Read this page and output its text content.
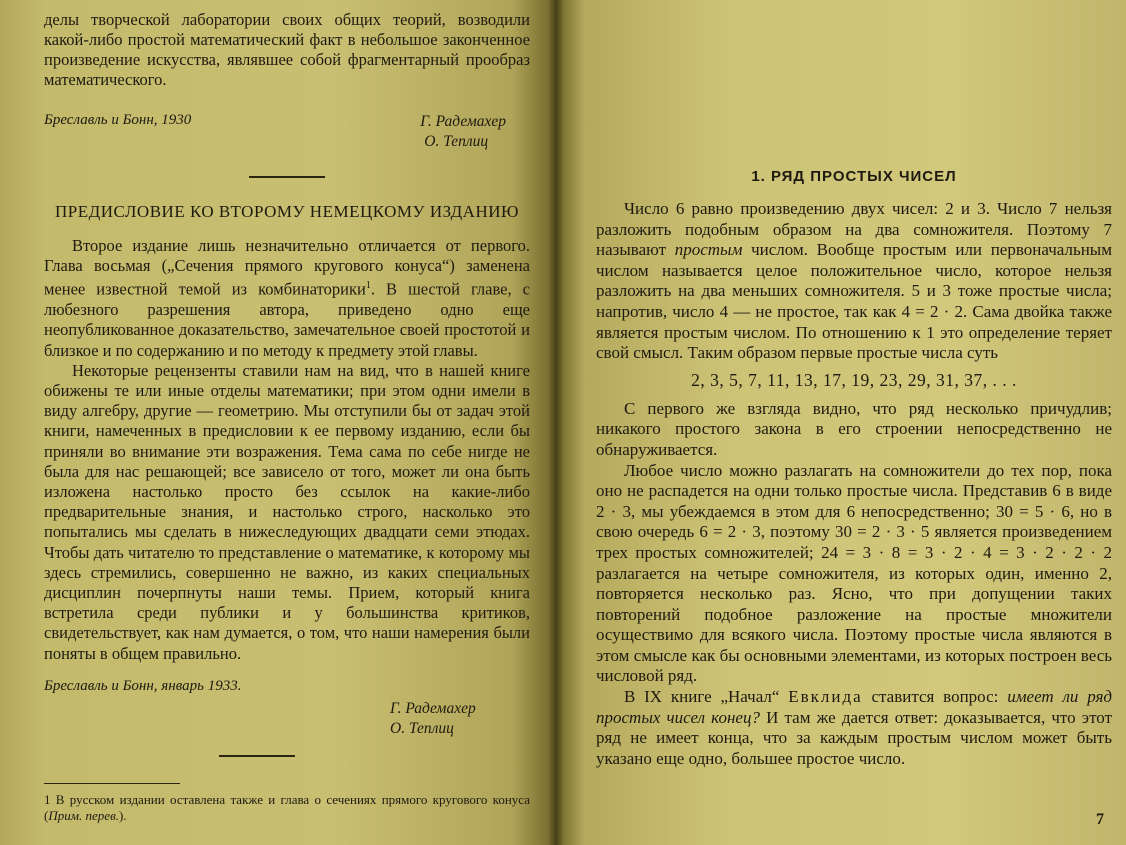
делы творческой лаборатории своих общих теорий, возводили какой-либо простой математический факт в небольшое законченное произведение искусства, являвшее собой фрагментарный прообраз математического.

Бреславль и Бонн, 1930	Г. Радемахер
О. Теплиц
ПРЕДИСЛОВИЕ КО ВТОРОМУ НЕМЕЦКОМУ ИЗДАНИЮ

Второе издание лишь незначительно отличается от первого. Глава восьмая („Сечения прямого кругового конуса“) заменена менее известной темой из комбинаторики$^1$. В шестой главе, с любезного разрешения автора, приведено одно еще неопубликованное доказательство, замечательное своей простотой и близкое и по содержанию и по методу к предмету этой главы.

Некоторые рецензенты ставили нам на вид, что в нашей книге обижены те или иные отделы математики; при этом одни имели в виду алгебру, другие — геометрию. Мы отступили бы от задач этой книги, намеченных в предисловии к ее первому изданию, если бы приняли во внимание эти возражения. Тема сама по себе нигде не была для нас решающей; все зависело от того, может ли она быть изложена настолько просто без ссылок на какие-либо предварительные знания, и настолько строго, насколько это попытались мы сделать в нижеследующих двадцати семи этюдах. Чтобы дать читателю то представление о математике, к которому мы здесь стремились, совершенно не важно, из каких специальных дисциплин почерпнуты наши темы. Прием, который книга встретила среди публики и у большинства критиков, свидетельствует, как нам думается, о том, что наши намерения были поняты в общем правильно.

Бреславль и Бонн, январь 1933.
Г. Радемахер
О. Теплиц

1 В русском издании оставлена также и глава о сечениях прямого кругового конуса (Прим. перев.).

1. РЯД ПРОСТЫХ ЧИСЕЛ

Число 6 равно произведению двух чисел: 2 и 3. Число 7 нельзя разложить подобным образом на два сомножителя. Поэтому 7 называют простым числом. Вообще простым или первоначальным числом называется целое положительное число, которое нельзя разложить на два меньших сомножителя. 5 и 3 тоже простые числа; напротив, число 4 — не простое, так как 4 = 2 · 2. Сама двойка также является простым числом. По отношению к 1 это определение теряет свой смысл. Таким образом первые простые числа суть

2, 3, 5, 7, 11, 13, 17, 19, 23, 29, 31, 37, . . .

С первого же взгляда видно, что ряд несколько причудлив; никакого простого закона в его строении непосредственно не обнаруживается.

Любое число можно разлагать на сомножители до тех пор, пока оно не распадется на одни только простые числа. Представив 6 в виде 2 · 3, мы убеждаемся в этом для 6 непосредственно; 30 = 5 · 6, но в свою очередь 6 = 2 · 3, поэтому 30 = 2 · 3 · 5 является произведением трех простых сомножителей; 24 = 3 · 8 = 3 · 2 · 4 = 3 · 2 · 2 · 2 разлагается на четыре сомножителя, из которых один, именно 2, повторяется несколько раз. Ясно, что при допущении таких повторений подобное разложение на простые множители осуществимо для всякого числа. Поэтому простые числа являются в этом смысле как бы основными элементами, из которых построен весь числовой ряд.

В IX книге „Начал“ Евклида ставится вопрос: имеет ли ряд простых чисел конец? И там же дается ответ: доказывается, что этот ряд не имеет конца, что за каждым простым числом может быть указано еще одно, большее простое число.

7
